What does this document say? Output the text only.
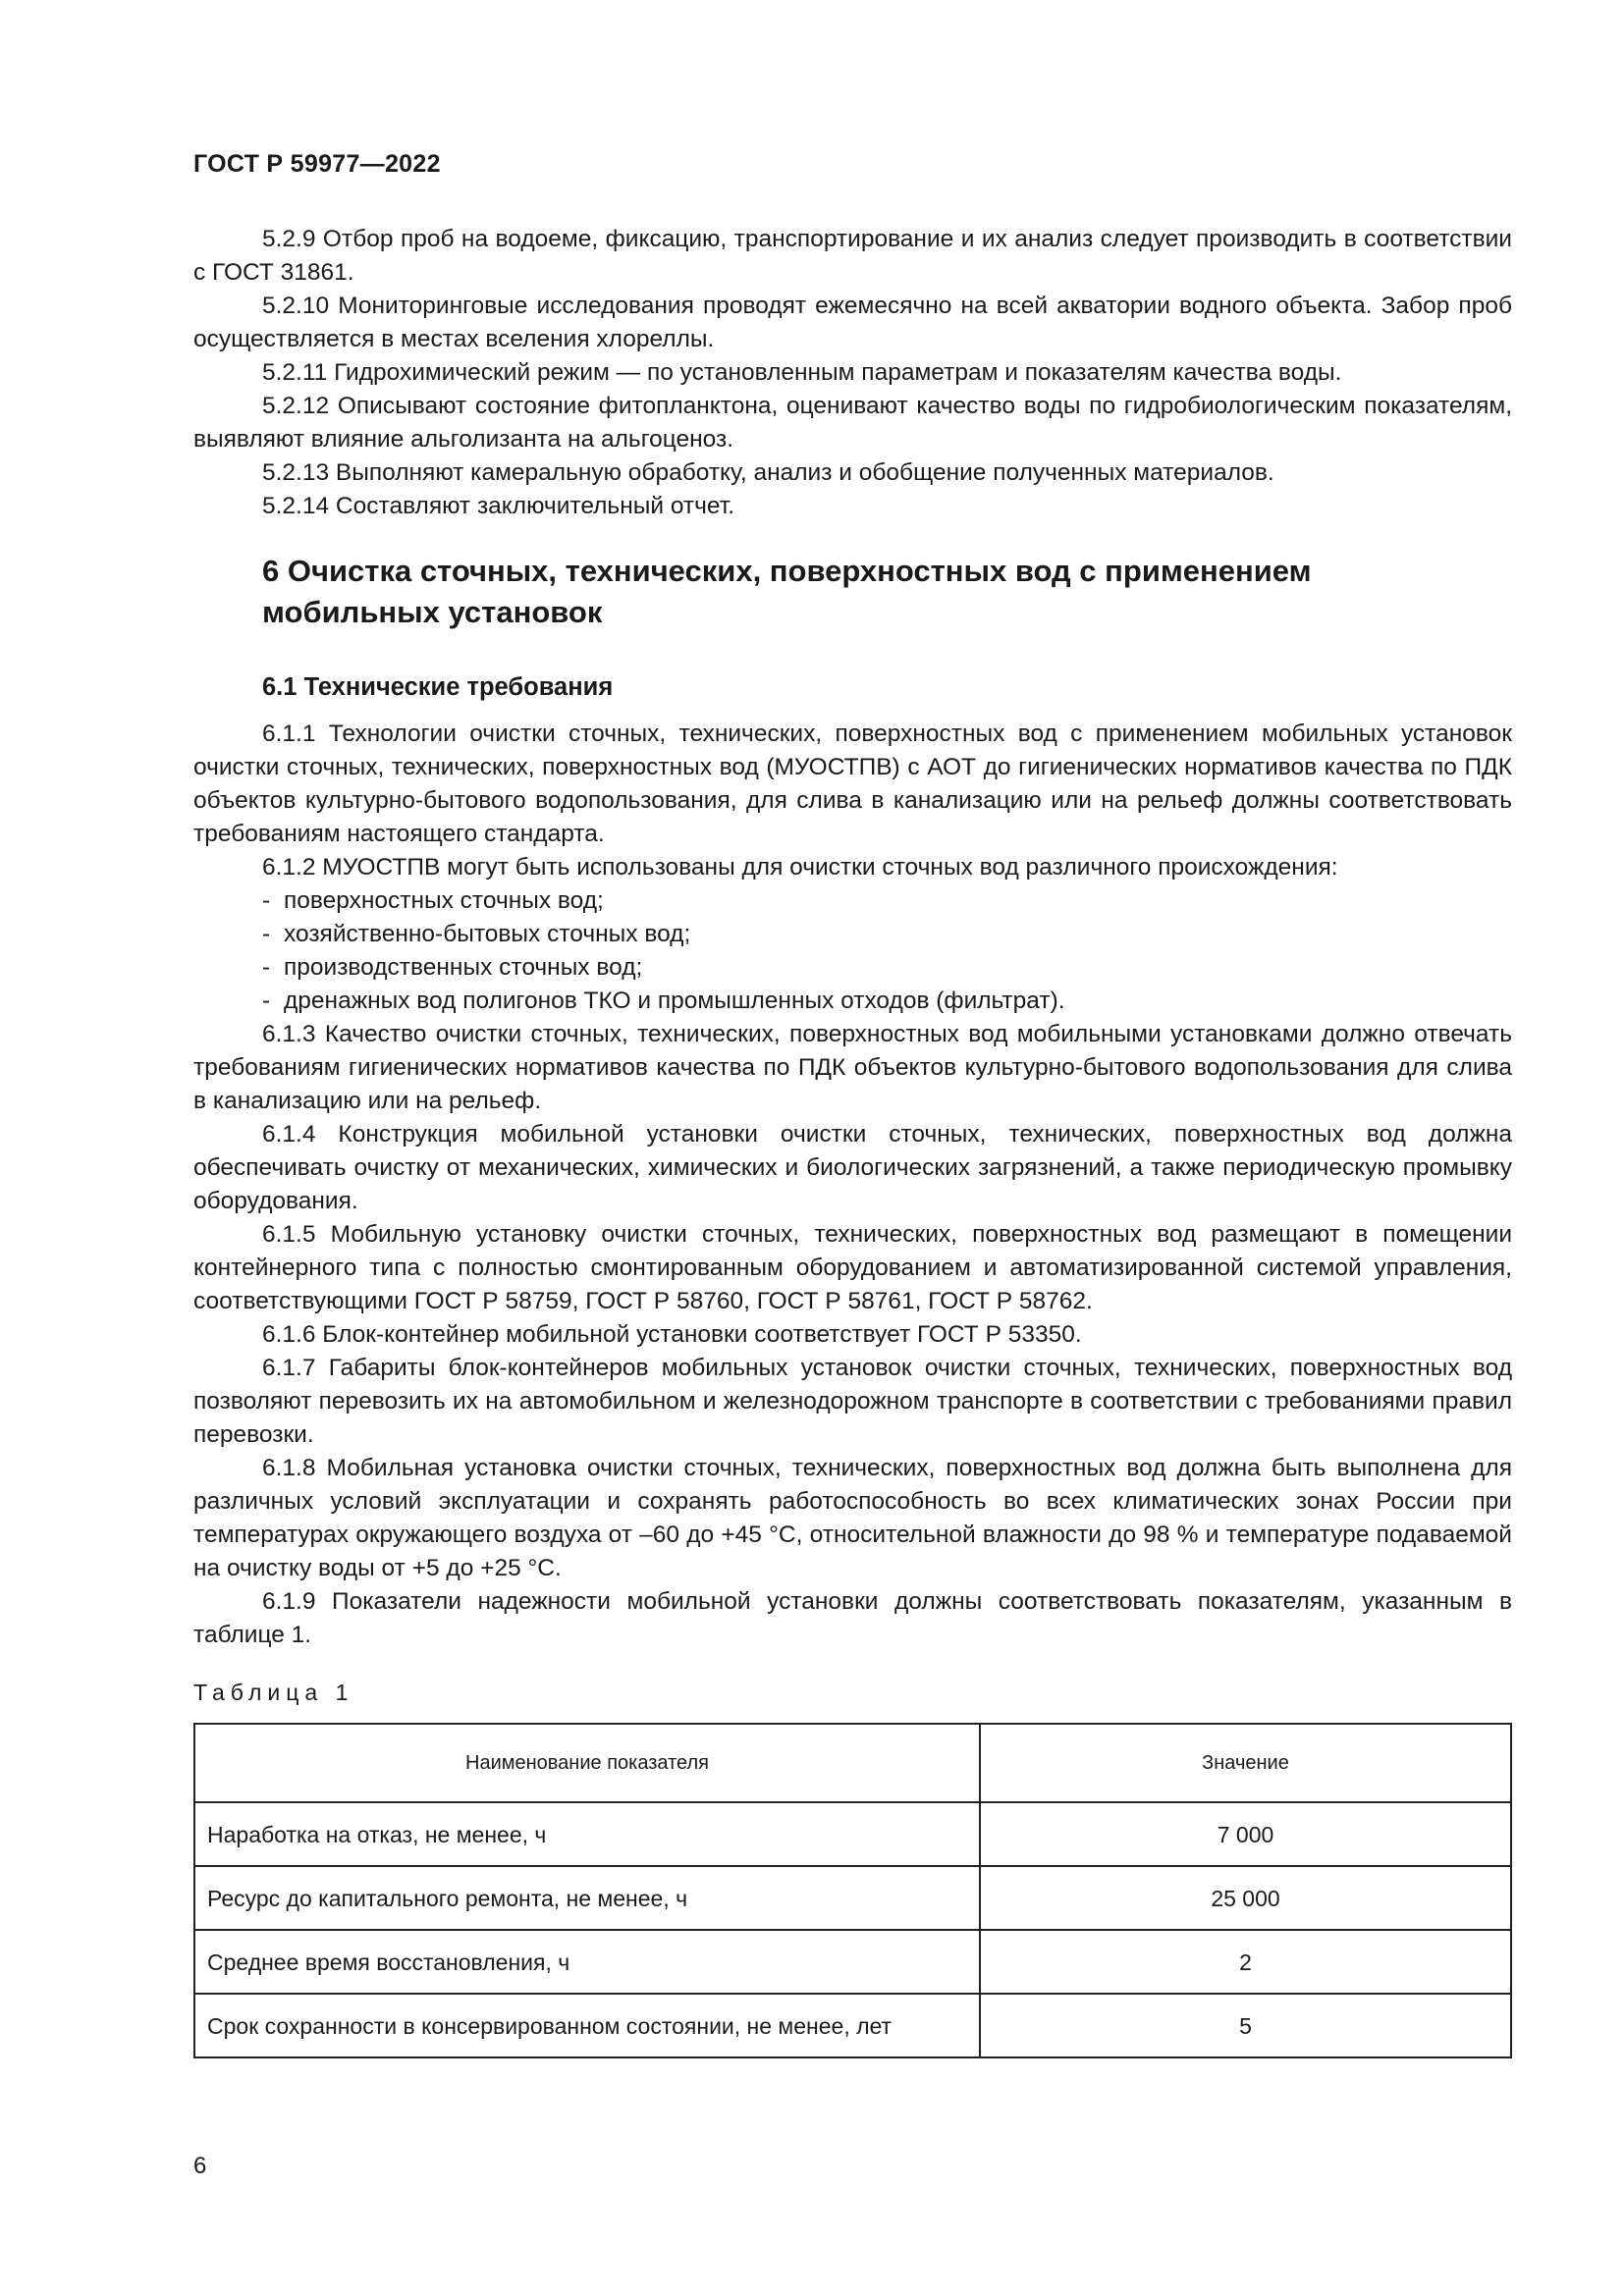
ГОСТ Р 59977—2022

5.2.9 Отбор проб на водоеме, фиксацию, транспортирование и их анализ следует производить в соответствии с ГОСТ 31861.

5.2.10 Мониторинговые исследования проводят ежемесячно на всей акватории водного объекта. Забор проб осуществляется в местах вселения хлореллы.

5.2.11 Гидрохимический режим — по установленным параметрам и показателям качества воды.

5.2.12 Описывают состояние фитопланктона, оценивают качество воды по гидробиологическим показателям, выявляют влияние альголизанта на альгоценоз.

5.2.13 Выполняют камеральную обработку, анализ и обобщение полученных материалов.

5.2.14 Составляют заключительный отчет.

6 Очистка сточных, технических, поверхностных вод с применением
мобильных установок
6.1 Технические требования

6.1.1 Технологии очистки сточных, технических, поверхностных вод с применением мобильных установок очистки сточных, технических, поверхностных вод (МУОСТПВ) с АОТ до гигиенических нормативов качества по ПДК объектов культурно-бытового водопользования, для слива в канализацию или на рельеф должны соответствовать требованиям настоящего стандарта.

6.1.2 МУОСТПВ могут быть использованы для очистки сточных вод различного происхождения:

- поверхностных сточных вод;

- хозяйственно-бытовых сточных вод;

- производственных сточных вод;

- дренажных вод полигонов ТКО и промышленных отходов (фильтрат).

6.1.3 Качество очистки сточных, технических, поверхностных вод мобильными установками должно отвечать требованиям гигиенических нормативов качества по ПДК объектов культурно-бытового водопользования для слива в канализацию или на рельеф.

6.1.4 Конструкция мобильной установки очистки сточных, технических, поверхностных вод должна обеспечивать очистку от механических, химических и биологических загрязнений, а также периодическую промывку оборудования.

6.1.5 Мобильную установку очистки сточных, технических, поверхностных вод размещают в помещении контейнерного типа с полностью смонтированным оборудованием и автоматизированной системой управления, соответствующими ГОСТ Р 58759, ГОСТ Р 58760, ГОСТ Р 58761, ГОСТ Р 58762.

6.1.6 Блок-контейнер мобильной установки соответствует ГОСТ Р 53350.

6.1.7 Габариты блок-контейнеров мобильных установок очистки сточных, технических, поверхностных вод позволяют перевозить их на автомобильном и железнодорожном транспорте в соответствии с требованиями правил перевозки.

6.1.8 Мобильная установка очистки сточных, технических, поверхностных вод должна быть выполнена для различных условий эксплуатации и сохранять работоспособность во всех климатических зонах России при температурах окружающего воздуха от –60 до +45 °С, относительной влажности до 98 % и температуре подаваемой на очистку воды от +5 до +25 °С.

6.1.9 Показатели надежности мобильной установки должны соответствовать показателям, указанным в таблице 1.

Таблица 1
Наименование показателя	Значение
Наработка на отказ, не менее, ч	7 000
Ресурс до капитального ремонта, не менее, ч	25 000
Среднее время восстановления, ч	2
Срок сохранности в консервированном состоянии, не менее, лет	5
6
